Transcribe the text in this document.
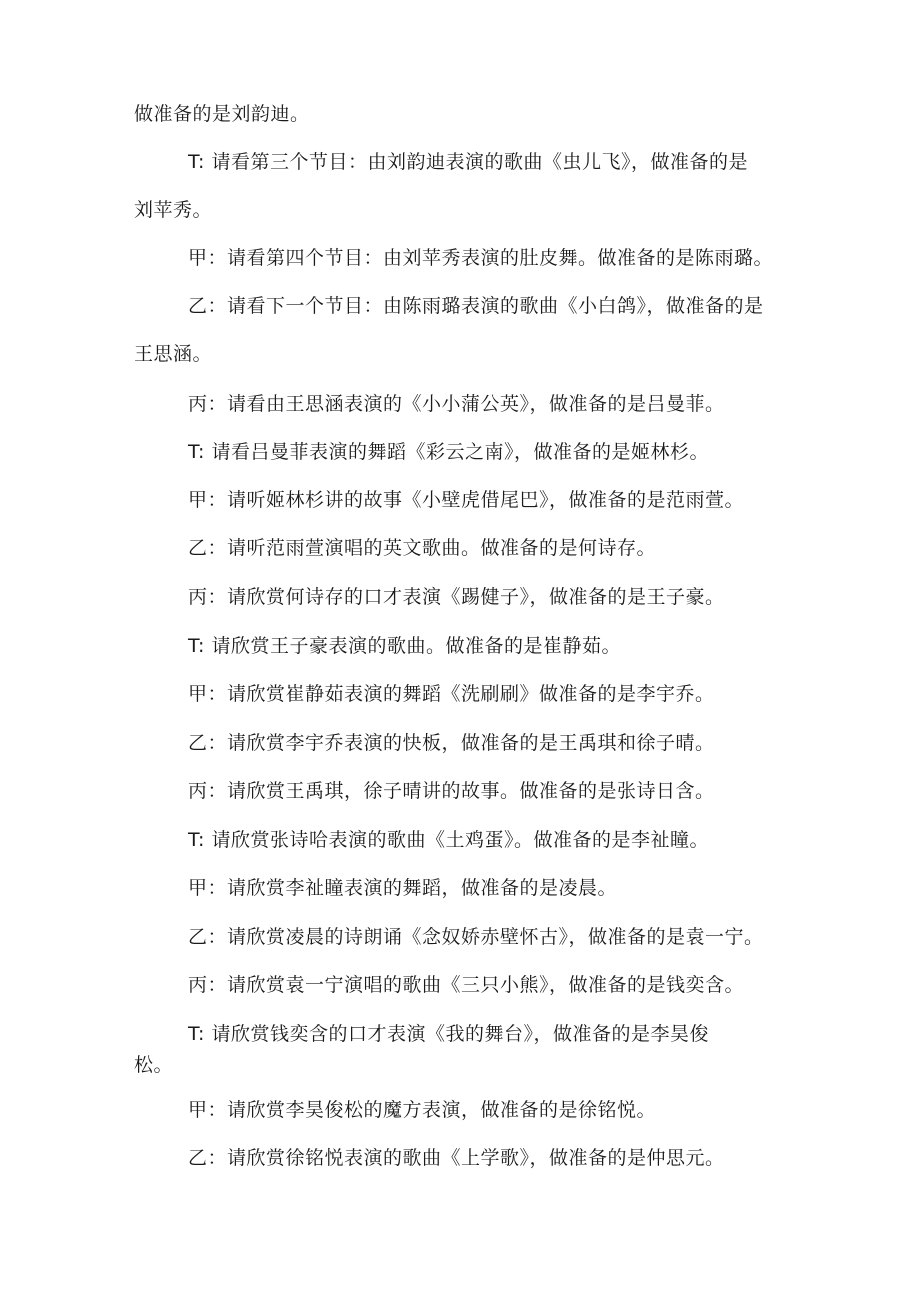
做准备的是刘韵迪。
T: 请看第三个节目：由刘韵迪表演的歌曲《虫儿飞》，做准备的是
刘苹秀。
甲：请看第四个节目：由刘苹秀表演的肚皮舞。做准备的是陈雨璐。
乙：请看下一个节目：由陈雨璐表演的歌曲《小白鸽》，做准备的是
王思涵。
丙：请看由王思涵表演的《小小蒲公英》，做准备的是吕曼菲。
T: 请看吕曼菲表演的舞蹈《彩云之南》，做准备的是姬林杉。
甲：请听姬林杉讲的故事《小壁虎借尾巴》，做准备的是范雨萱。
乙：请听范雨萱演唱的英文歌曲。做准备的是何诗存。
丙：请欣赏何诗存的口才表演《踢健子》，做准备的是王子豪。
T: 请欣赏王子豪表演的歌曲。做准备的是崔静茹。
甲：请欣赏崔静茹表演的舞蹈《洗刷刷》做准备的是李宇乔。
乙：请欣赏李宇乔表演的快板，做准备的是王禹琪和徐子晴。
丙：请欣赏王禹琪，徐子晴讲的故事。做准备的是张诗日含。
T: 请欣赏张诗哈表演的歌曲《土鸡蛋》。做准备的是李祉瞳。
甲：请欣赏李祉瞳表演的舞蹈，做准备的是凌晨。
乙：请欣赏凌晨的诗朗诵《念奴娇赤壁怀古》，做准备的是袁一宁。
丙：请欣赏袁一宁演唱的歌曲《三只小熊》，做准备的是钱奕含。
T: 请欣赏钱奕含的口才表演《我的舞台》，做准备的是李昊俊
松。
甲：请欣赏李昊俊松的魔方表演，做准备的是徐铭悦。
乙：请欣赏徐铭悦表演的歌曲《上学歌》，做准备的是仲思元。
